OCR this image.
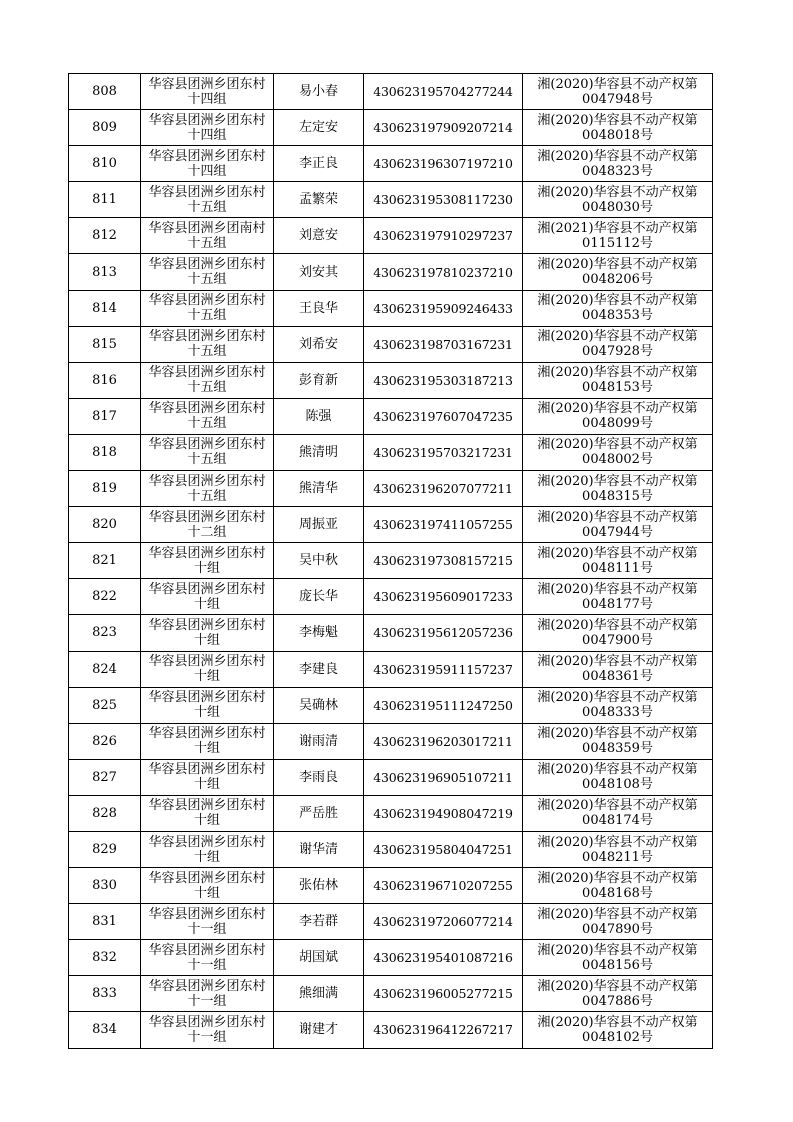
808	华容县团洲乡团东村十四组	易小春	430623195704277244	湘(2020)华容县不动产权第0047948号
809	华容县团洲乡团东村十四组	左定安	430623197909207214	湘(2020)华容县不动产权第0048018号
810	华容县团洲乡团东村十四组	李正良	430623196307197210	湘(2020)华容县不动产权第0048323号
811	华容县团洲乡团东村十五组	孟繁荣	430623195308117230	湘(2020)华容县不动产权第0048030号
812	华容县团洲乡团南村十五组	刘意安	430623197910297237	湘(2021)华容县不动产权第0115112号
813	华容县团洲乡团东村十五组	刘安其	430623197810237210	湘(2020)华容县不动产权第0048206号
814	华容县团洲乡团东村十五组	王良华	430623195909246433	湘(2020)华容县不动产权第0048353号
815	华容县团洲乡团东村十五组	刘希安	430623198703167231	湘(2020)华容县不动产权第0047928号
816	华容县团洲乡团东村十五组	彭育新	430623195303187213	湘(2020)华容县不动产权第0048153号
817	华容县团洲乡团东村十五组	陈强	430623197607047235	湘(2020)华容县不动产权第0048099号
818	华容县团洲乡团东村十五组	熊清明	430623195703217231	湘(2020)华容县不动产权第0048002号
819	华容县团洲乡团东村十五组	熊清华	430623196207077211	湘(2020)华容县不动产权第0048315号
820	华容县团洲乡团东村十二组	周振亚	430623197411057255	湘(2020)华容县不动产权第0047944号
821	华容县团洲乡团东村十组	吴中秋	430623197308157215	湘(2020)华容县不动产权第0048111号
822	华容县团洲乡团东村十组	庞长华	430623195609017233	湘(2020)华容县不动产权第0048177号
823	华容县团洲乡团东村十组	李梅魁	430623195612057236	湘(2020)华容县不动产权第0047900号
824	华容县团洲乡团东村十组	李建良	430623195911157237	湘(2020)华容县不动产权第0048361号
825	华容县团洲乡团东村十组	吴确林	430623195111247250	湘(2020)华容县不动产权第0048333号
826	华容县团洲乡团东村十组	谢雨清	430623196203017211	湘(2020)华容县不动产权第0048359号
827	华容县团洲乡团东村十组	李雨良	430623196905107211	湘(2020)华容县不动产权第0048108号
828	华容县团洲乡团东村十组	严岳胜	430623194908047219	湘(2020)华容县不动产权第0048174号
829	华容县团洲乡团东村十组	谢华清	430623195804047251	湘(2020)华容县不动产权第0048211号
830	华容县团洲乡团东村十组	张佑林	430623196710207255	湘(2020)华容县不动产权第0048168号
831	华容县团洲乡团东村十一组	李若群	430623197206077214	湘(2020)华容县不动产权第0047890号
832	华容县团洲乡团东村十一组	胡国斌	430623195401087216	湘(2020)华容县不动产权第0048156号
833	华容县团洲乡团东村十一组	熊细满	430623196005277215	湘(2020)华容县不动产权第0047886号
834	华容县团洲乡团东村十一组	谢建才	430623196412267217	湘(2020)华容县不动产权第0048102号
